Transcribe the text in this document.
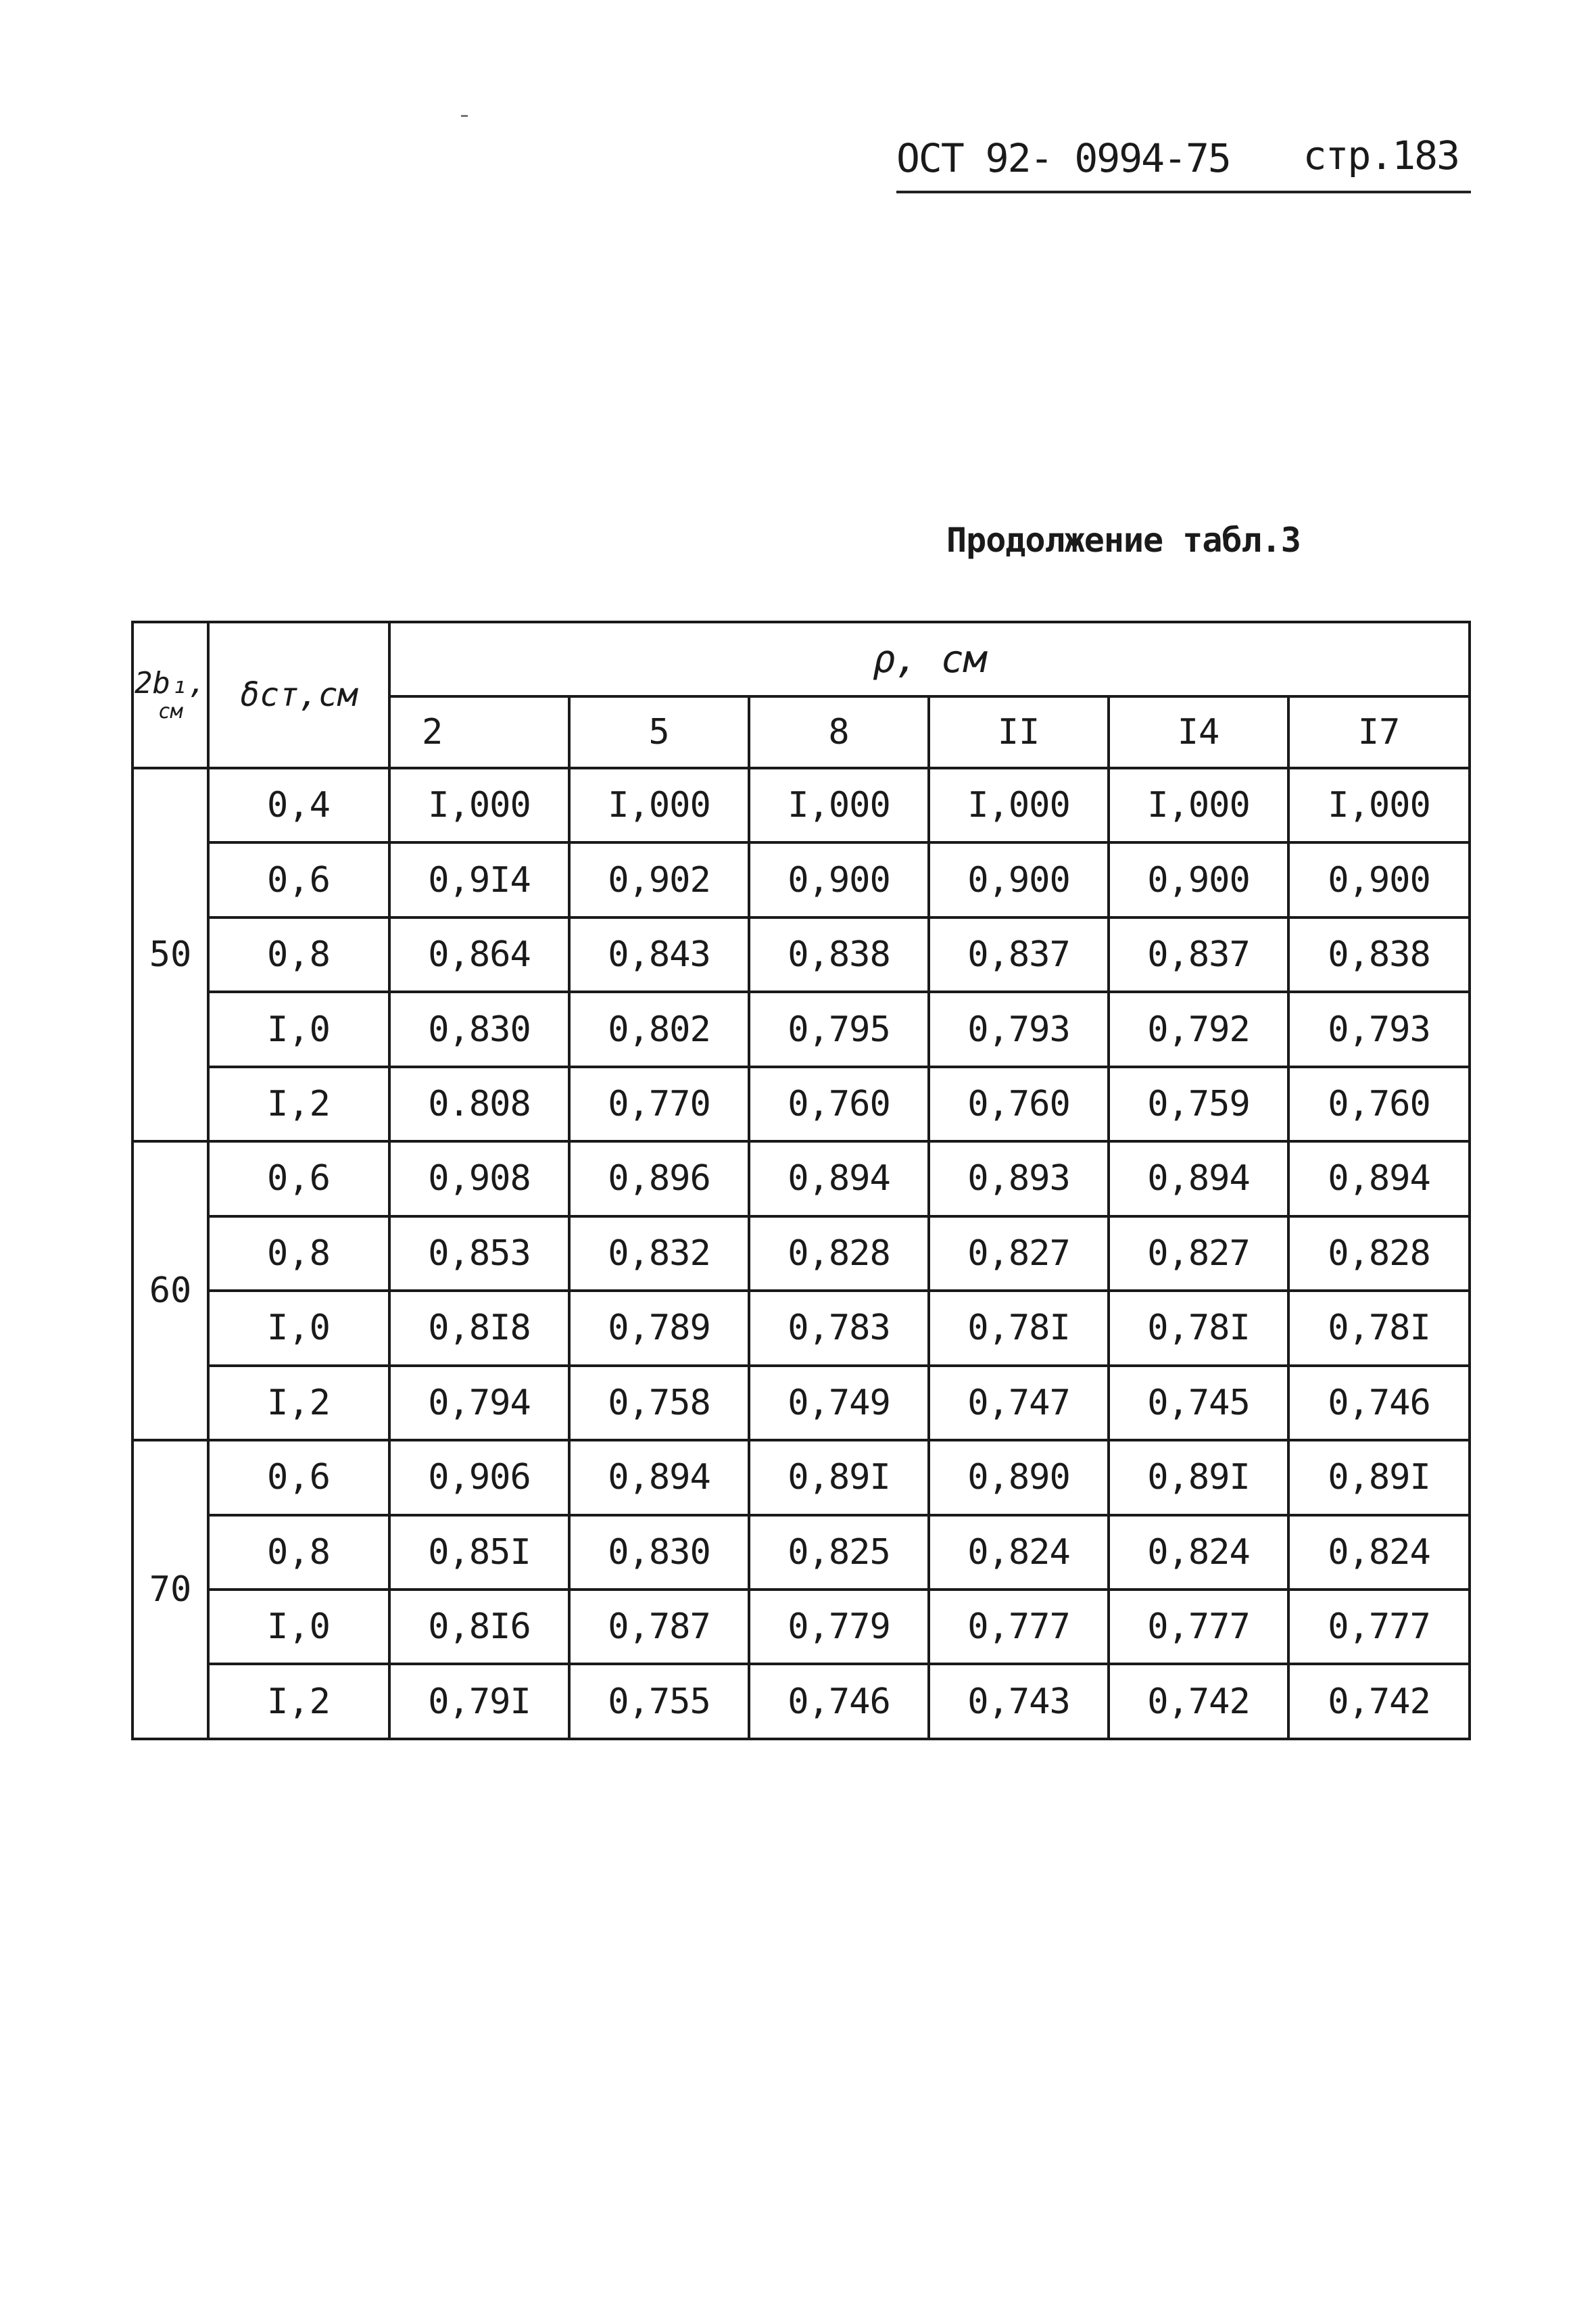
ОСТ 92- 0994-75 стр.183
Продолжение табл.3
2b₁,
см	δст,см	ρ, см					
		2	5	8	II	I4	I7
50	0,4	I,000	I,000	I,000	I,000	I,000	I,000
	0,6	0,9I4	0,902	0,900	0,900	0,900	0,900
	0,8	0,864	0,843	0,838	0,837	0,837	0,838
	I,0	0,830	0,802	0,795	0,793	0,792	0,793
	I,2	0.808	0,770	0,760	0,760	0,759	0,760
60	0,6	0,908	0,896	0,894	0,893	0,894	0,894
	0,8	0,853	0,832	0,828	0,827	0,827	0,828
	I,0	0,8I8	0,789	0,783	0,78I	0,78I	0,78I
	I,2	0,794	0,758	0,749	0,747	0,745	0,746
70	0,6	0,906	0,894	0,89I	0,890	0,89I	0,89I
	0,8	0,85I	0,830	0,825	0,824	0,824	0,824
	I,0	0,8I6	0,787	0,779	0,777	0,777	0,777
	I,2	0,79I	0,755	0,746	0,743	0,742	0,742
